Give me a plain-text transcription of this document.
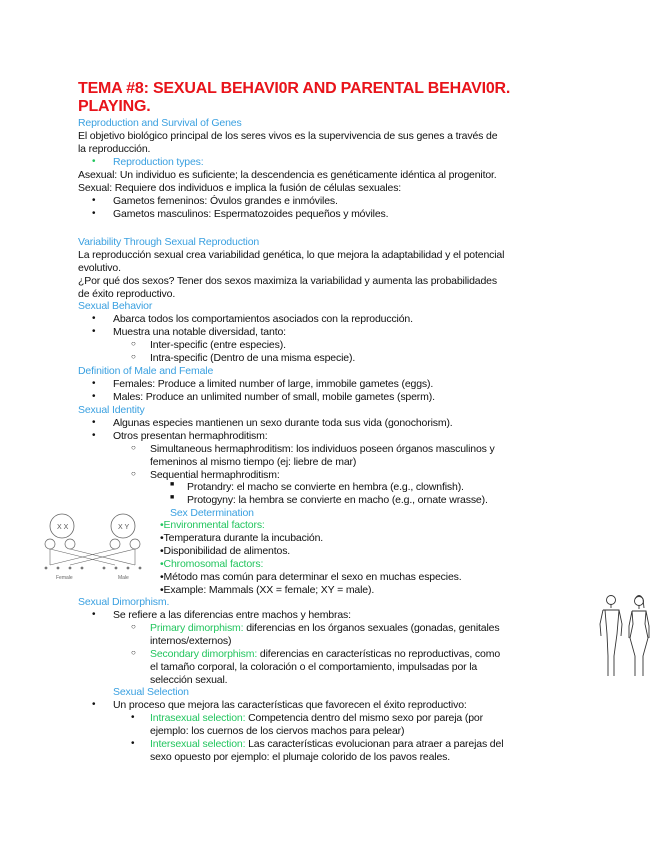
TEMA #8: SEXUAL BEHAVI0R AND PARENTAL BEHAVI0R.
PLAYING.
Reproduction and Survival of Genes
El objetivo biológico principal de los seres vivos es la supervivencia de sus genes a través de
la reproducción.
• Reproduction types:
Asexual: Un individuo es suficiente; la descendencia es genéticamente idéntica al progenitor.
Sexual: Requiere dos individuos e implica la fusión de células sexuales:
• Gametos femeninos: Óvulos grandes e inmóviles.
• Gametos masculinos: Espermatozoides pequeños y móviles.
Variability Through Sexual Reproduction
La reproducción sexual crea variabilidad genética, lo que mejora la adaptabilidad y el potencial
evolutivo.
¿Por qué dos sexos? Tener dos sexos maximiza la variabilidad y aumenta las probabilidades
de éxito reproductivo.
Sexual Behavior
• Abarca todos los comportamientos asociados con la reproducción.
• Muestra una notable diversidad, tanto:
○ Inter-specific (entre especies).
○ Intra-specific (Dentro de una misma especie).
Definition of Male and Female
• Females: Produce a limited number of large, immobile gametes (eggs).
• Males: Produce an unlimited number of small, mobile gametes (sperm).
Sexual Identity
• Algunas especies mantienen un sexo durante toda sus vida (gonochorism).
• Otros presentan hermaphroditism:
○ Simultaneous hermaphroditism: los individuos poseen órganos masculinos y
femeninos al mismo tiempo (ej: liebre de mar)
○ Sequential hermaphroditism:
■ Protandry: el macho se convierte en hembra (e.g., clownfish).
■ Protogyny: la hembra se convierte en macho (e.g., ornate wrasse).
Sex Determination
•Environmental factors:
•Temperatura durante la incubación.
•Disponibilidad de alimentos.
•Chromosomal factors:
•Método mas común para determinar el sexo en muchas especies.
•Example: Mammals (XX = female; XY = male).
Sexual Dimorphism.
• Se refiere a las diferencias entre machos y hembras:
○ Primary dimorphism: diferencias en los órganos sexuales (gonadas, genitales
internos/externos)
○ Secondary dimorphism: diferencias en características no reproductivas, como
el tamaño corporal, la coloración o el comportamiento, impulsadas por la
selección sexual.
Sexual Selection
• Un proceso que mejora las características que favorecen el éxito reproductivo:
• Intrasexual selection: Competencia dentro del mismo sexo por pareja (por
ejemplo: los cuernos de los ciervos machos para pelear)
• Intersexual selection: Las características evolucionan para atraer a parejas del
sexo opuesto por ejemplo: el plumaje colorido de los pavos reales.
X X	X Y
Female	Male
